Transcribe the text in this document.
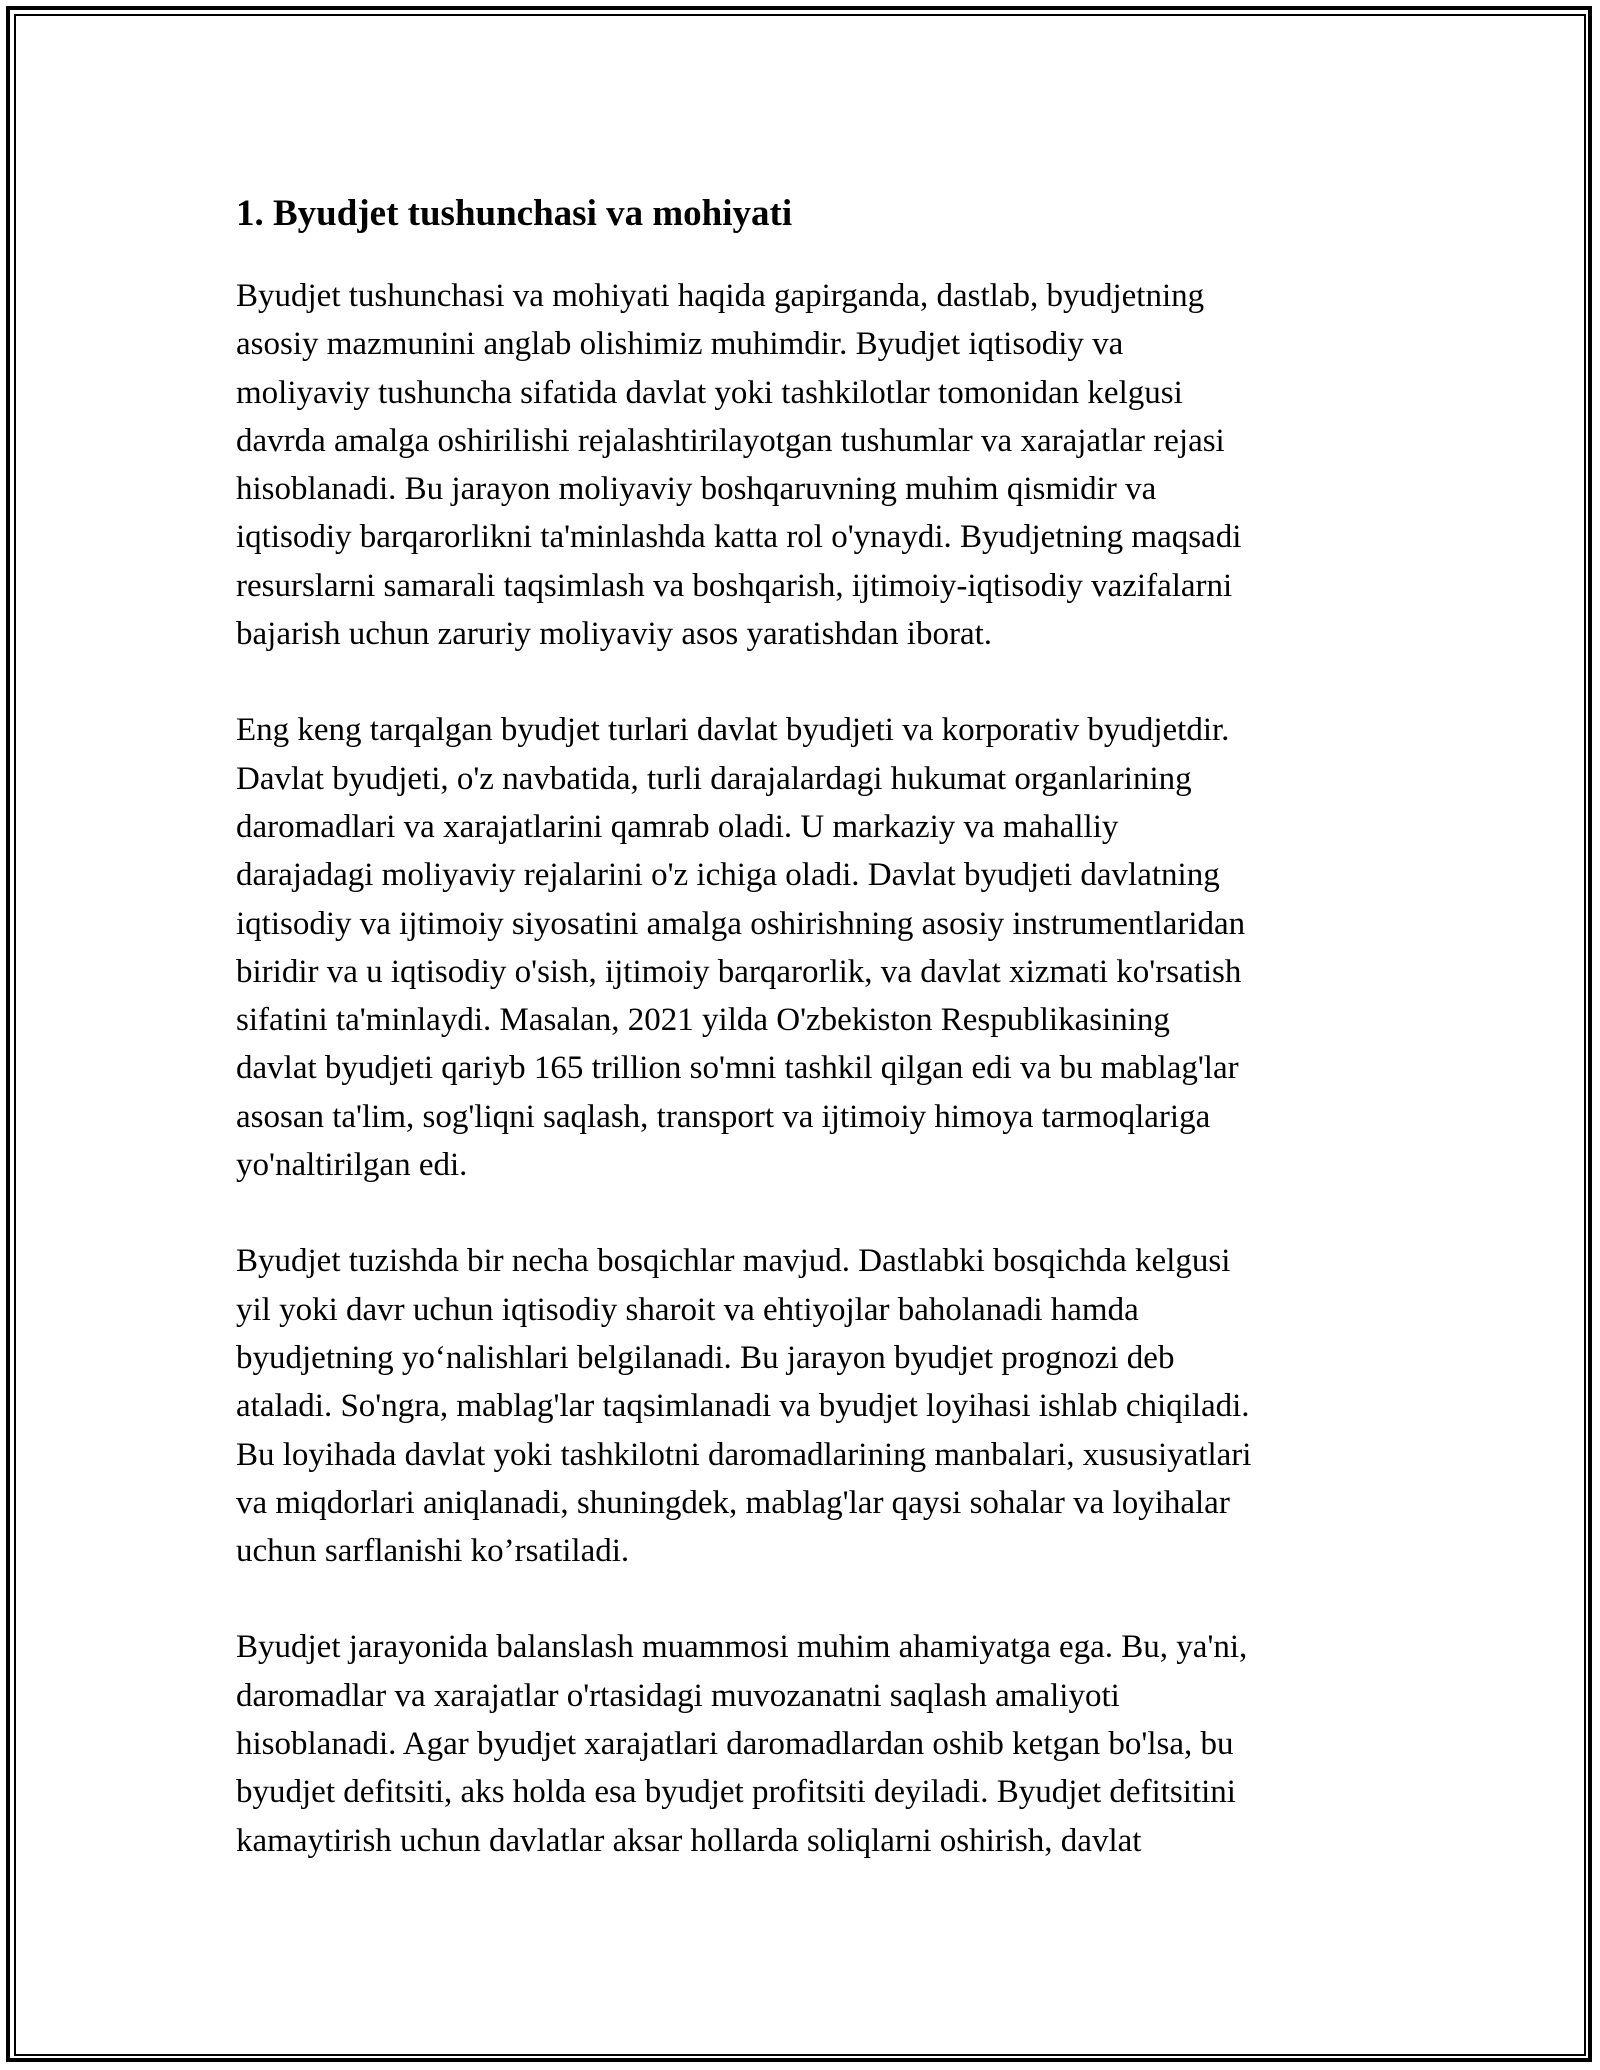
1. Byudjet tushunchasi va mohiyati

Byudjet tushunchasi va mohiyati haqida gapirganda, dastlab, byudjetning
asosiy mazmunini anglab olishimiz muhimdir. Byudjet iqtisodiy va
moliyaviy tushuncha sifatida davlat yoki tashkilotlar tomonidan kelgusi
davrda amalga oshirilishi rejalashtirilayotgan tushumlar va xarajatlar rejasi
hisoblanadi. Bu jarayon moliyaviy boshqaruvning muhim qismidir va
iqtisodiy barqarorlikni ta'minlashda katta rol o'ynaydi. Byudjetning maqsadi
resurslarni samarali taqsimlash va boshqarish, ijtimoiy-iqtisodiy vazifalarni
bajarish uchun zaruriy moliyaviy asos yaratishdan iborat.

Eng keng tarqalgan byudjet turlari davlat byudjeti va korporativ byudjetdir.
Davlat byudjeti, o'z navbatida, turli darajalardagi hukumat organlarining
daromadlari va xarajatlarini qamrab oladi. U markaziy va mahalliy
darajadagi moliyaviy rejalarini o'z ichiga oladi. Davlat byudjeti davlatning
iqtisodiy va ijtimoiy siyosatini amalga oshirishning asosiy instrumentlaridan
biridir va u iqtisodiy o'sish, ijtimoiy barqarorlik, va davlat xizmati ko'rsatish
sifatini ta'minlaydi. Masalan, 2021 yilda O'zbekiston Respublikasining
davlat byudjeti qariyb 165 trillion so'mni tashkil qilgan edi va bu mablag'lar
asosan ta'lim, sog'liqni saqlash, transport va ijtimoiy himoya tarmoqlariga
yo'naltirilgan edi.

Byudjet tuzishda bir necha bosqichlar mavjud. Dastlabki bosqichda kelgusi
yil yoki davr uchun iqtisodiy sharoit va ehtiyojlar baholanadi hamda
byudjetning yo‘nalishlari belgilanadi. Bu jarayon byudjet prognozi deb
ataladi. So'ngra, mablag'lar taqsimlanadi va byudjet loyihasi ishlab chiqiladi.
Bu loyihada davlat yoki tashkilotni daromadlarining manbalari, xususiyatlari
va miqdorlari aniqlanadi, shuningdek, mablag'lar qaysi sohalar va loyihalar
uchun sarflanishi ko’rsatiladi.

Byudjet jarayonida balanslash muammosi muhim ahamiyatga ega. Bu, ya'ni,
daromadlar va xarajatlar o'rtasidagi muvozanatni saqlash amaliyoti
hisoblanadi. Agar byudjet xarajatlari daromadlardan oshib ketgan bo'lsa, bu
byudjet defitsiti, aks holda esa byudjet profitsiti deyiladi. Byudjet defitsitini
kamaytirish uchun davlatlar aksar hollarda soliqlarni oshirish, davlat
